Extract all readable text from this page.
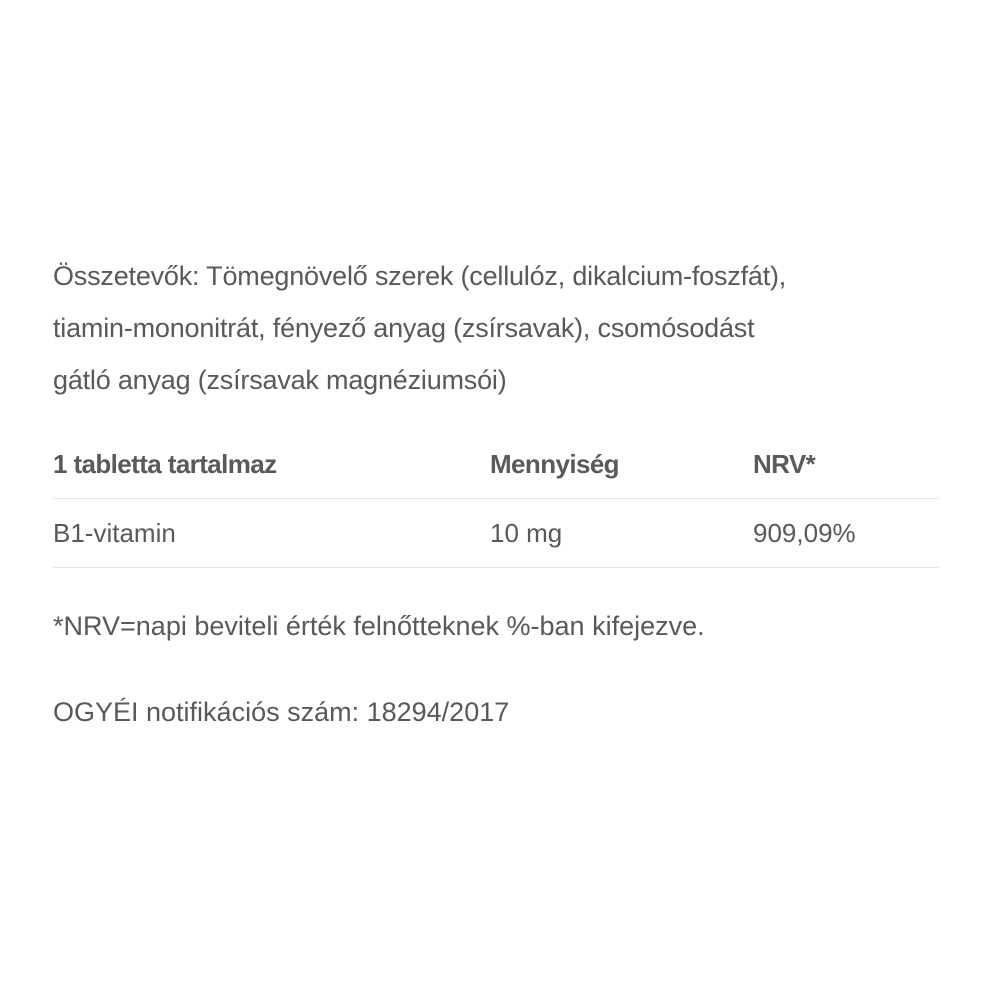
Összetevők: Tömegnövelő szerek (cellulóz, dikalcium-foszfát),
tiamin-mononitrát, fényező anyag (zsírsavak), csomósodást
gátló anyag (zsírsavak magnéziumsói)

1 tabletta tartalmaz	Mennyiség	NRV*
B1-vitamin	10 mg	909,09%

*NRV=napi beviteli érték felnőtteknek %-ban kifejezve.

OGYÉI notifikációs szám: 18294/2017
